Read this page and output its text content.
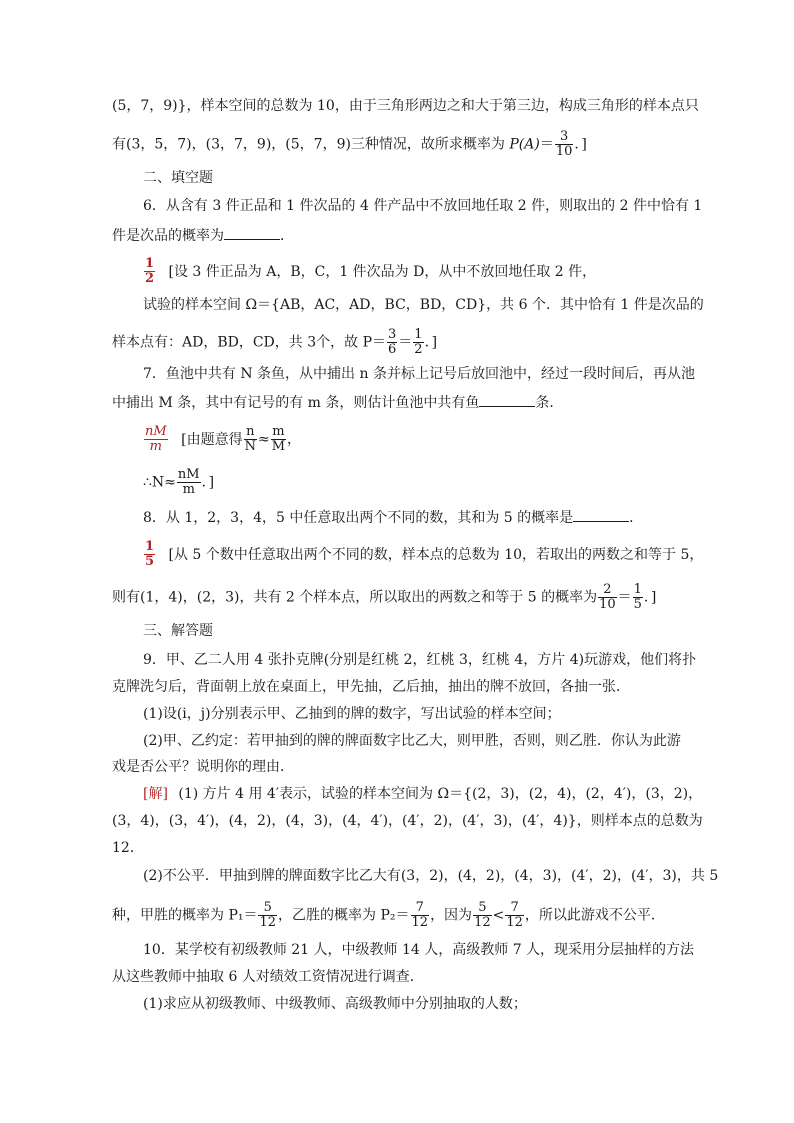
(5，7，9)}，样本空间的总数为 10，由于三角形两边之和大于第三边，构成三角形的样本点只
有(3，5，7)，(3，7，9)，(5，7，9)三种情况，故所求概率为 $P(A)= \frac{3}{10}$ ．]
二、填空题
6．从含有 3 件正品和 1 件次品的 4 件产品中不放回地任取 2 件，则取出的 2 件中恰有 1
件是次品的概率为	．
$\frac{1}{2}$ [设 3 件正品为 A，B，C，1 件次品为 D，从中不放回地任取 2 件，
试验的样本空间 Ω＝{AB，AC，AD，BC，BD，CD}，共 6 个．其中恰有 1 件是次品的
样本点有：AD，BD，CD，共 3个，故 $P= \frac{3}{6} = \frac{1}{2}$ ．]
7．鱼池中共有 N 条鱼，从中捕出 n 条并标上记号后放回池中，经过一段时间后，再从池
中捕出 M 条，其中有记号的有 m 条，则估计鱼池中共有鱼	条．
$\frac{nM}{m}$ [由题意得 $\frac{n}{N} \approx \frac{m}{M}$ ，
∴N≈ $\frac{nM}{m}$ ．]
8．从 1，2，3，4，5 中任意取出两个不同的数，其和为 5 的概率是	．
$\frac{1}{5}$ [从 5 个数中任意取出两个不同的数，样本点的总数为 10，若取出的两数之和等于 5，
则有(1，4)，(2，3)，共有 2 个样本点，所以取出的两数之和等于 5 的概率为 $\frac{2}{10} = \frac{1}{5}$ ．]
三、解答题
9．甲、乙二人用 4 张扑克牌(分别是红桃 2，红桃 3，红桃 4，方片 4)玩游戏，他们将扑
克牌洗匀后，背面朝上放在桌面上，甲先抽，乙后抽，抽出的牌不放回，各抽一张．
(1)设(i，j)分别表示甲、乙抽到的牌的数字，写出试验的样本空间；
(2)甲、乙约定：若甲抽到的牌的牌面数字比乙大，则甲胜，否则，则乙胜．你认为此游
戏是否公平？说明你的理由．
[解] (1) 方片 4 用 4′表示，试验的样本空间为 Ω＝{(2，3)，(2，4)，(2，4′)，(3，2)，
(3，4)，(3，4′)，(4，2)，(4，3)，(4，4′)，(4′，2)，(4′，3)，(4′，4)}，则样本点的总数为
12．
(2)不公平．甲抽到牌的牌面数字比乙大有(3，2)，(4，2)，(4，3)，(4′，2)，(4′，3)，共 5
种，甲胜的概率为 $P_1= \frac{5}{12}$ ，乙胜的概率为 $P_2= \frac{7}{12}$ ，因为 $\frac{5}{12} < \frac{7}{12}$ ，所以此游戏不公平．
10．某学校有初级教师 21 人，中级教师 14 人，高级教师 7 人，现采用分层抽样的方法
从这些教师中抽取 6 人对绩效工资情况进行调查．
(1)求应从初级教师、中级教师、高级教师中分别抽取的人数；
